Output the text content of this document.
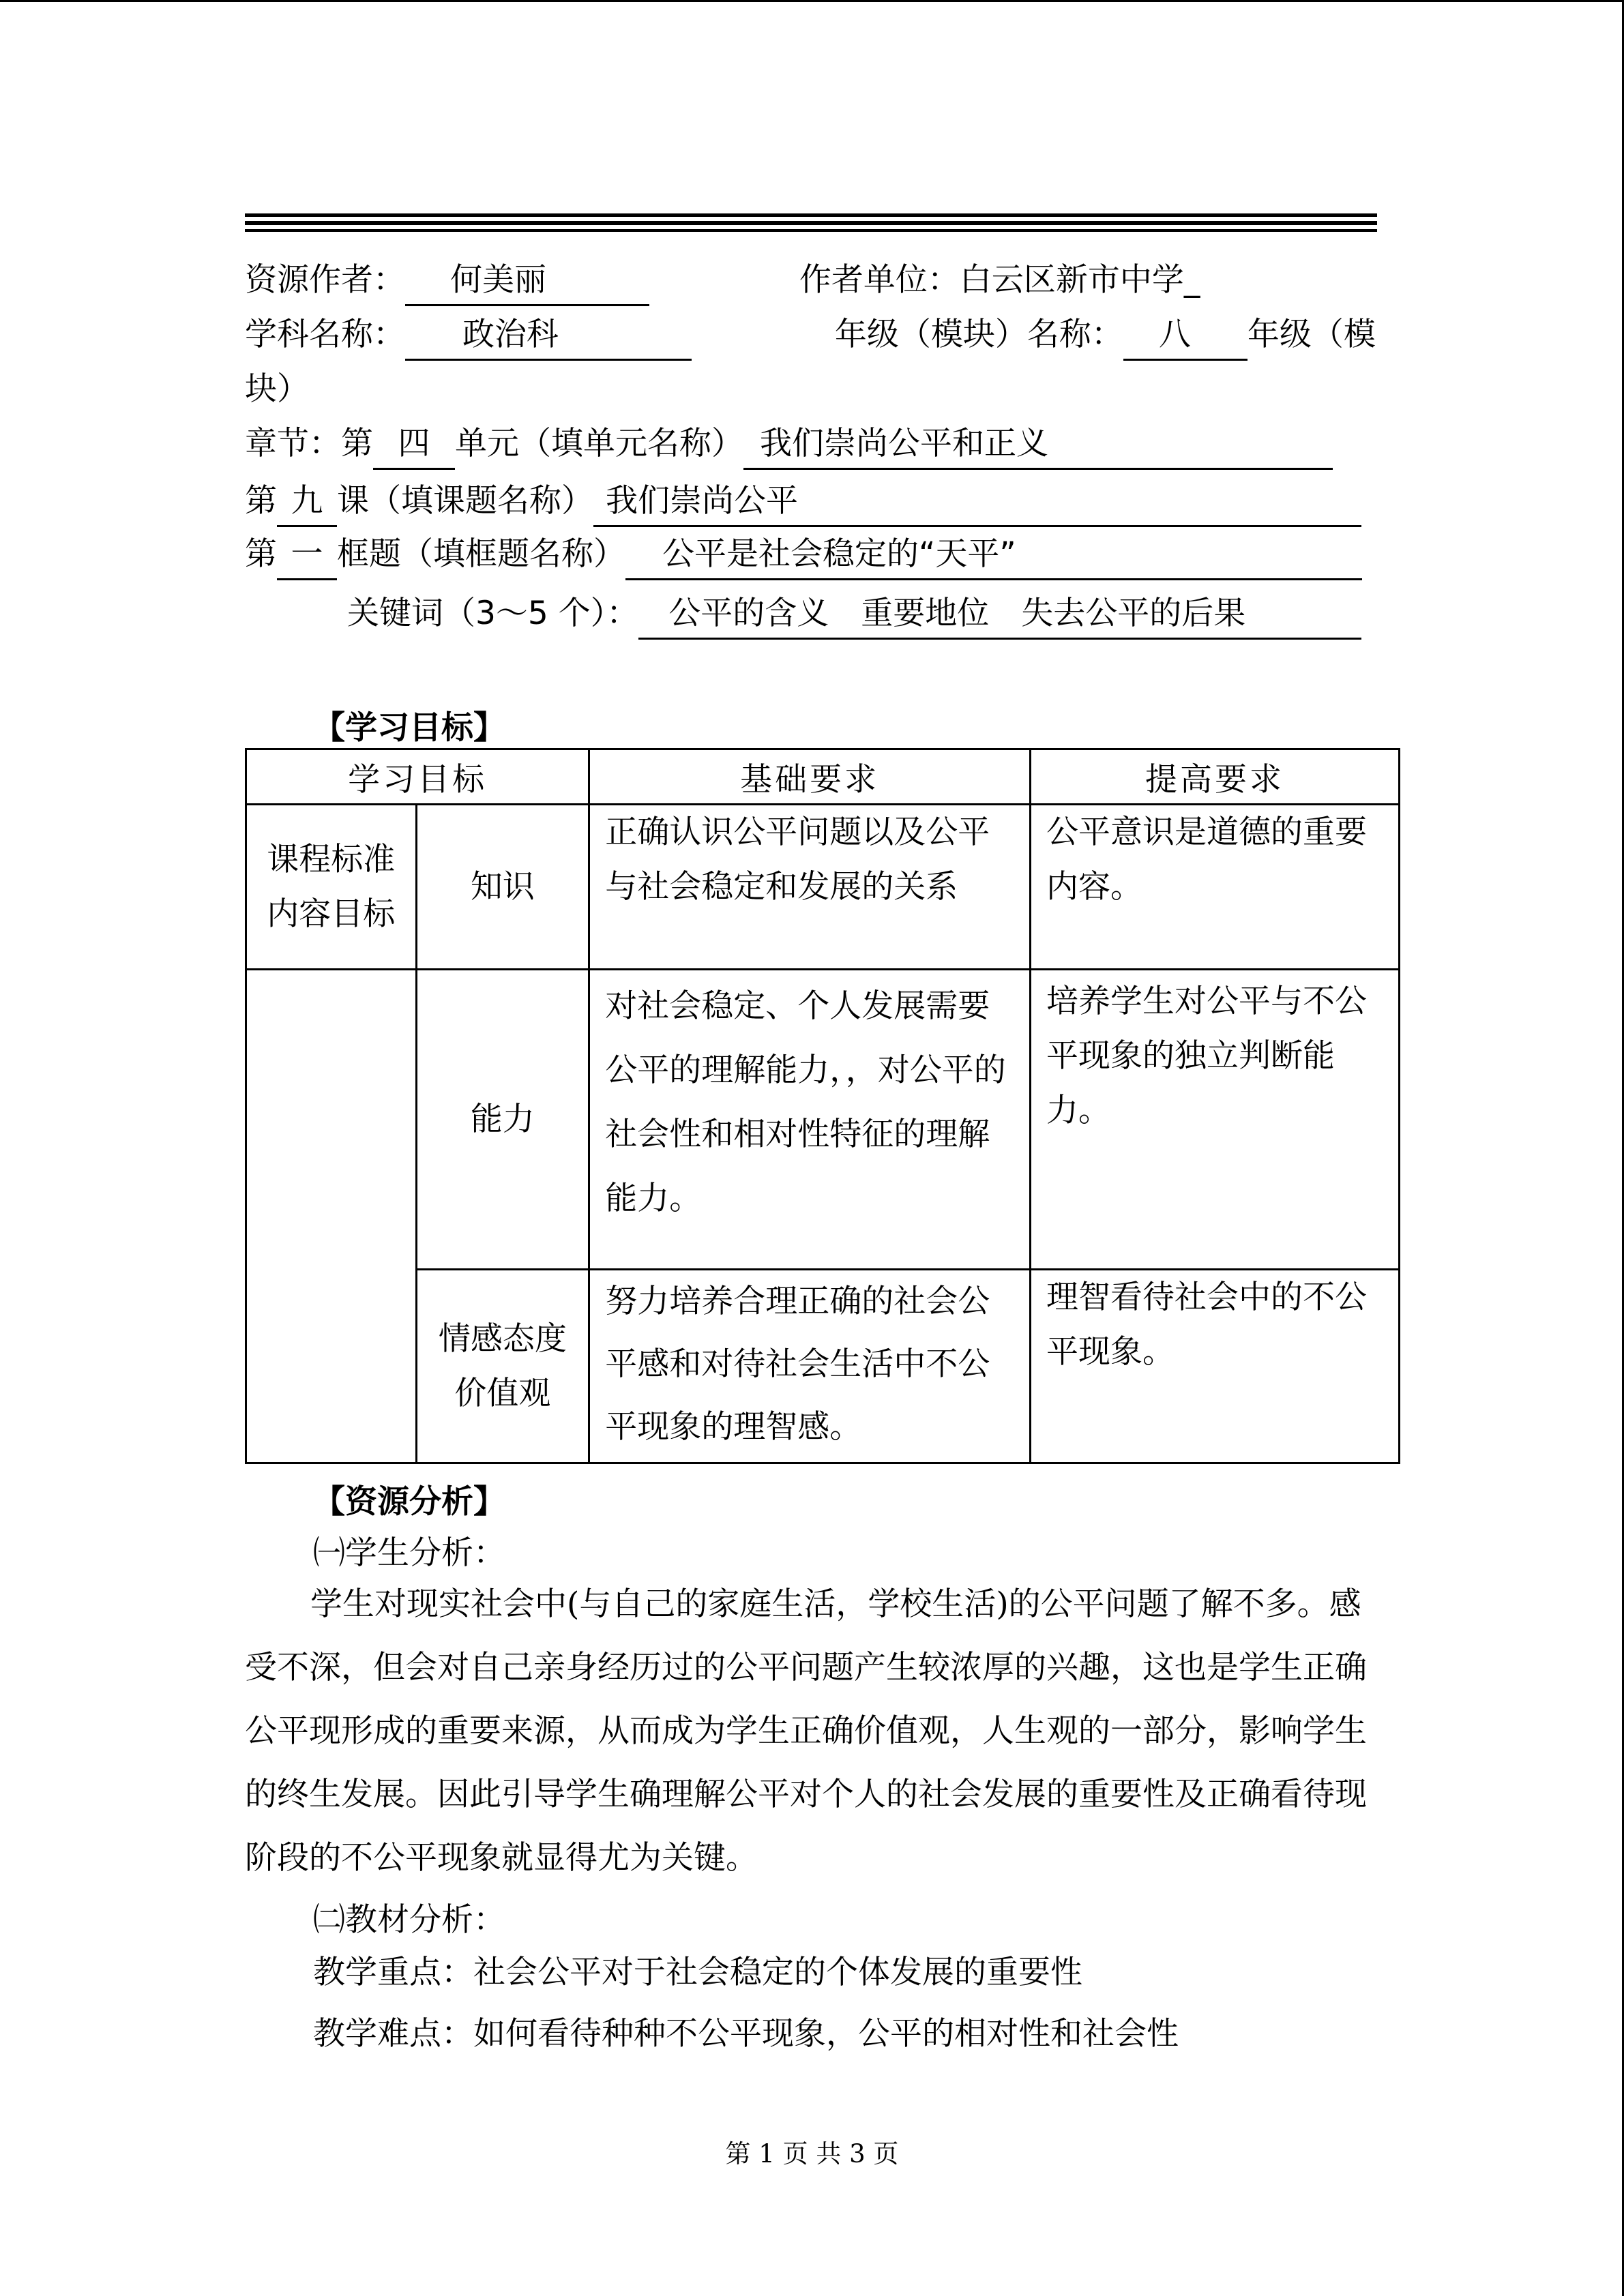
资源作者： 何美丽	作者单位：白云区新市中学_
学科名称： 政治科	年级（模块）名称： 八 年级（模
块）
章节：第 四 单元（填单元名称） 我们崇尚公平和正义
第 九 课（填课题名称） 我们崇尚公平
第 一 框题（填框题名称） 公平是社会稳定的“天平”
关键词（3～5 个）： 公平的含义　重要地位　失去公平的后果
【学习目标】
学习目标		基础要求	提高要求
课程标准内容目标	知识	正确认识公平问题以及公平与社会稳定和发展的关系	公平意识是道德的重要内容。

	能力	对社会稳定、个人发展需要公平的理解能力，，对公平的社会性和相对性特征的理解能力。	培养学生对公平与不公平现象的独立判断能力。

	情感态度价值观	努力培养合理正确的社会公平感和对待社会生活中不公平现象的理智感。	理智看待社会中的不公平现象。
【资源分析】
㈠学生分析：
学生对现实社会中(与自己的家庭生活，学校生活)的公平问题了解不多。感受不深，但会对自己亲身经历过的公平问题产生较浓厚的兴趣，这也是学生正确公平现形成的重要来源，从而成为学生正确价值观，人生观的一部分，影响学生的终生发展。因此引导学生确理解公平对个人的社会发展的重要性及正确看待现阶段的不公平现象就显得尤为关键。
㈡教材分析：
教学重点：社会公平对于社会稳定的个体发展的重要性
教学难点：如何看待种种不公平现象，公平的相对性和社会性
第 1 页 共 3 页
